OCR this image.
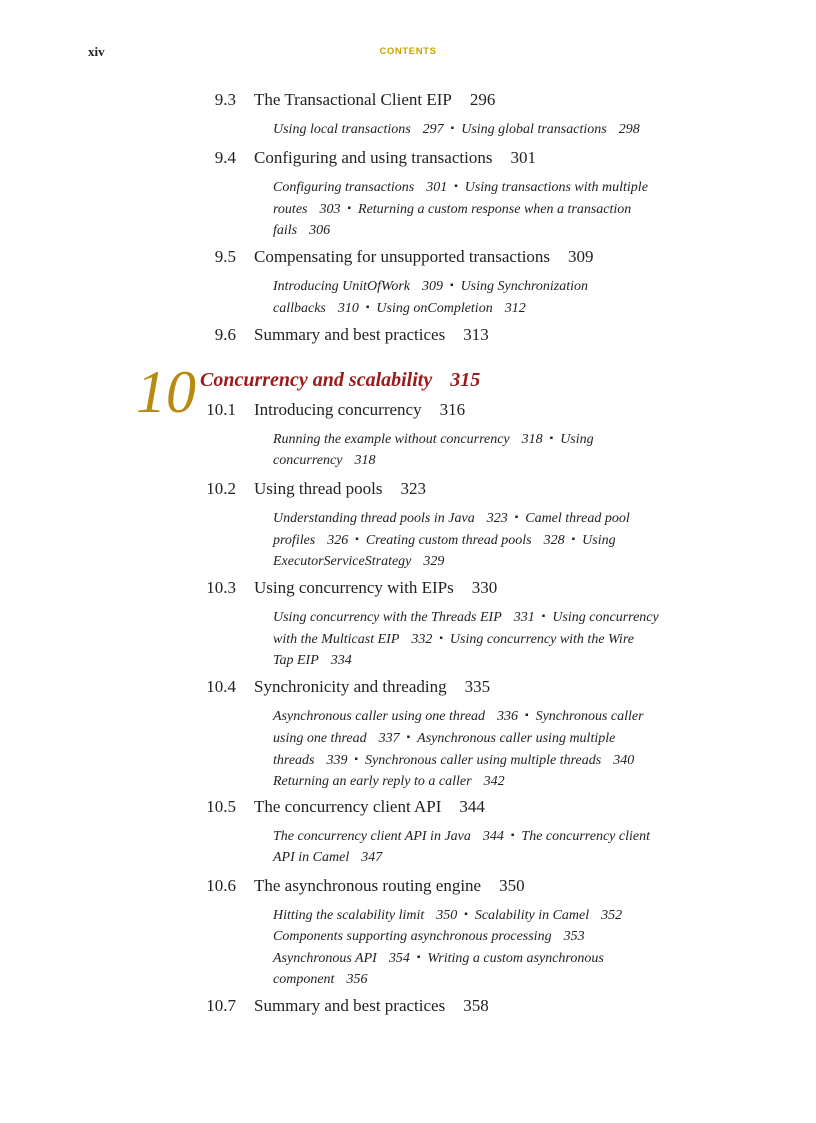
xiv	CONTENTS
10 Concurrency and scalability 315
9.3 The Transactional Client EIP 296
Using local transactions 297 ▪ Using global transactions 298
9.4 Configuring and using transactions 301
Configuring transactions 301 ▪ Using transactions with multiple
routes 303 ▪ Returning a custom response when a transaction
fails 306
9.5 Compensating for unsupported transactions 309
Introducing UnitOfWork 309 ▪ Using Synchronization
callbacks 310 ▪ Using onCompletion 312
9.6 Summary and best practices 313
10.1 Introducing concurrency 316
Running the example without concurrency 318 ▪ Using
concurrency 318
10.2 Using thread pools 323
Understanding thread pools in Java 323 ▪ Camel thread pool
profiles 326 ▪ Creating custom thread pools 328 ▪ Using
ExecutorServiceStrategy 329
10.3 Using concurrency with EIPs 330
Using concurrency with the Threads EIP 331 ▪ Using concurrency
with the Multicast EIP 332 ▪ Using concurrency with the Wire
Tap EIP 334
10.4 Synchronicity and threading 335
Asynchronous caller using one thread 336 ▪ Synchronous caller
using one thread 337 ▪ Asynchronous caller using multiple
threads 339 ▪ Synchronous caller using multiple threads 340
Returning an early reply to a caller 342
10.5 The concurrency client API 344
The concurrency client API in Java 344 ▪ The concurrency client
API in Camel 347
10.6 The asynchronous routing engine 350
Hitting the scalability limit 350 ▪ Scalability in Camel 352
Components supporting asynchronous processing 353
Asynchronous API 354 ▪ Writing a custom asynchronous
component 356
10.7 Summary and best practices 358
